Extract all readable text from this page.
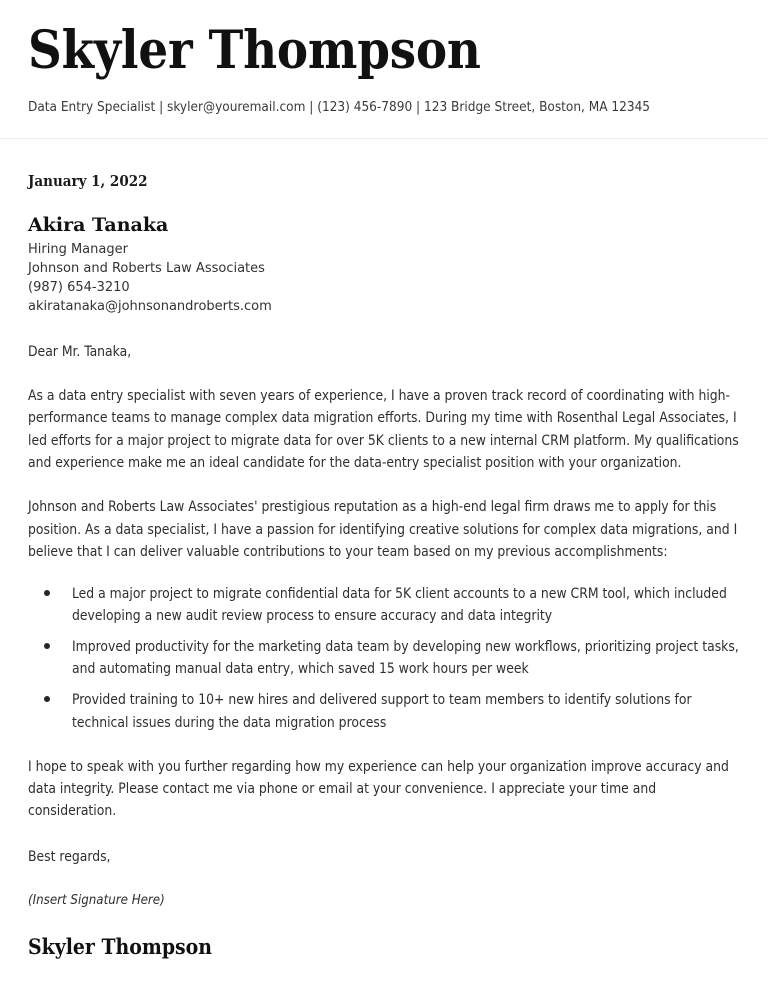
Skyler Thompson
Data Entry Specialist | skyler@youremail.com | (123) 456-7890 | 123 Bridge Street, Boston, MA 12345
January 1, 2022
Akira Tanaka
Hiring Manager
Johnson and Roberts Law Associates
(987) 654-3210
akiratanaka@johnsonandroberts.com
Dear Mr. Tanaka,

As a data entry specialist with seven years of experience, I have a proven track record of coordinating with high-performance teams to manage complex data migration efforts. During my time with Rosenthal Legal Associates, I led efforts for a major project to migrate data for over 5K clients to a new internal CRM platform. My qualifications and experience make me an ideal candidate for the data-entry specialist position with your organization.

Johnson and Roberts Law Associates' prestigious reputation as a high-end legal firm draws me to apply for this position. As a data specialist, I have a passion for identifying creative solutions for complex data migrations, and I believe that I can deliver valuable contributions to your team based on my previous accomplishments:

Led a major project to migrate confidential data for 5K client accounts to a new CRM tool, which included developing a new audit review process to ensure accuracy and data integrity
Improved productivity for the marketing data team by developing new workflows, prioritizing project tasks, and automating manual data entry, which saved 15 work hours per week
Provided training to 10+ new hires and delivered support to team members to identify solutions for technical issues during the data migration process

I hope to speak with you further regarding how my experience can help your organization improve accuracy and data integrity. Please contact me via phone or email at your convenience. I appreciate your time and consideration.

Best regards,
(Insert Signature Here)
Skyler Thompson
